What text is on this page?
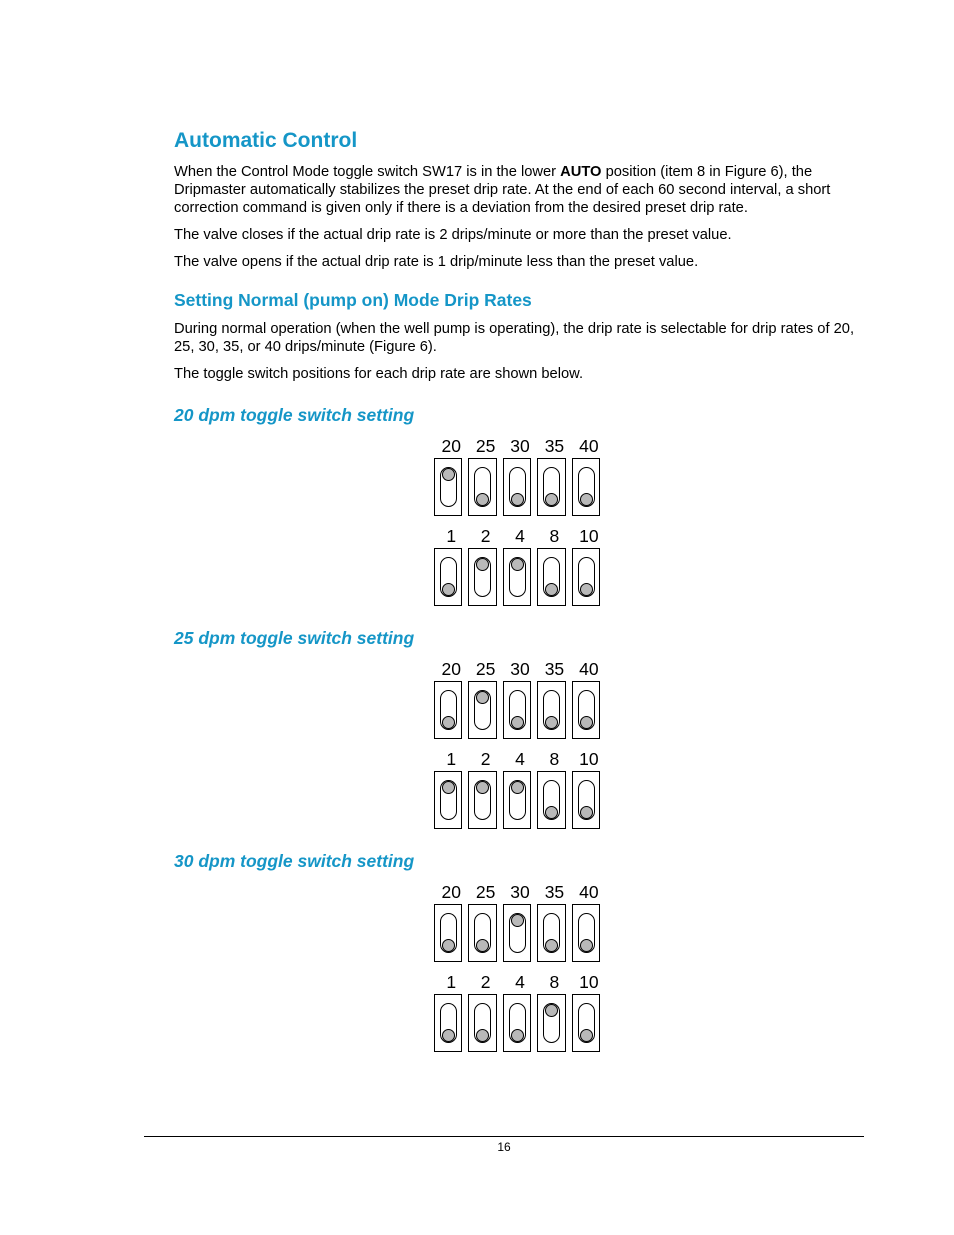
Automatic Control

When the Control Mode toggle switch SW17 is in the lower AUTO position (item 8 in Figure 6), the Dripmaster automatically stabilizes the preset drip rate. At the end of each 60 second interval, a short correction command is given only if there is a deviation from the desired preset drip rate.

The valve closes if the actual drip rate is 2 drips/minute or more than the preset value.

The valve opens if the actual drip rate is 1 drip/minute less than the preset value.

Setting Normal (pump on) Mode Drip Rates

During normal operation (when the well pump is operating), the drip rate is selectable for drip rates of 20, 25, 30, 35, or 40 drips/minute (Figure 6).

The toggle switch positions for each drip rate are shown below.

20 dpm toggle switch setting
20 25 30 35 40
1	2	4	8	10
25 dpm toggle switch setting
20 25 30 35 40
1	2	4	8	10
30 dpm toggle switch setting
20 25 30 35 40
1	2	4	8	10
16
